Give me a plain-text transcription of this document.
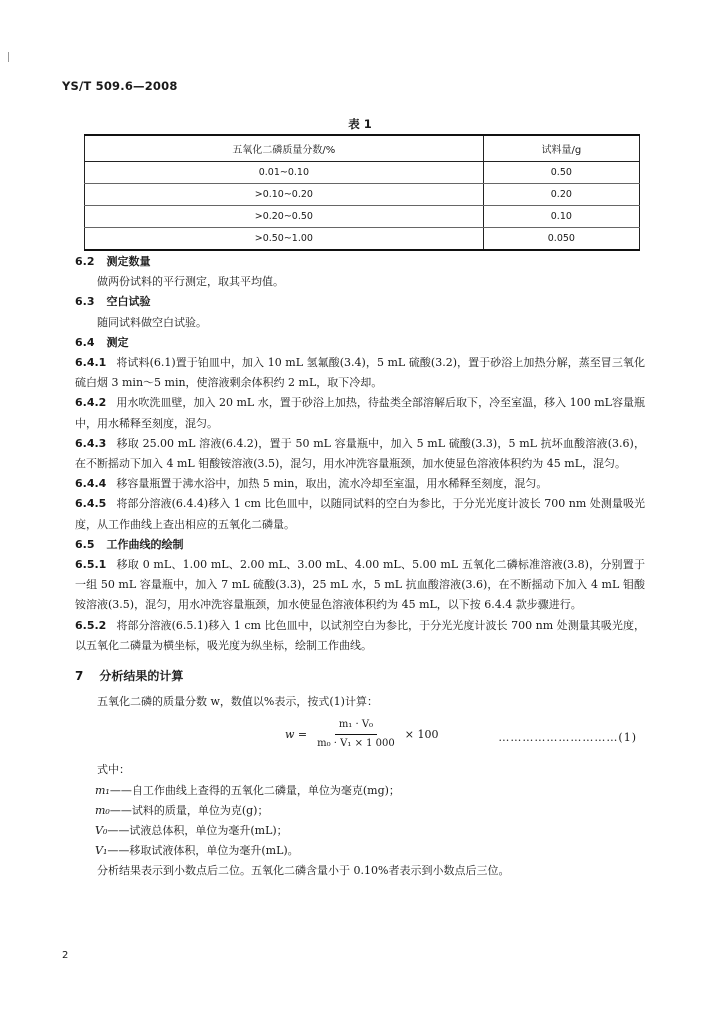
YS/T 509.6—2008
表 1
五氧化二磷质量分数/%	试料量/g
0.01~0.10	0.50
>0.10~0.20	0.20
>0.20~0.50	0.10
>0.50~1.00	0.050

6.2 测定数量

做两份试料的平行测定，取其平均值。

6.3 空白试验

随同试料做空白试验。

6.4 测定

6.4.1 将试料(6.1)置于铂皿中，加入 10 mL 氢氟酸(3.4)，5 mL 硫酸(3.2)，置于砂浴上加热分解，蒸至冒三氧化硫白烟 3 min～5 min，使溶液剩余体积约 2 mL，取下冷却。

6.4.2 用水吹洗皿壁，加入 20 mL 水，置于砂浴上加热，待盐类全部溶解后取下，冷至室温，移入 100 mL容量瓶中，用水稀释至刻度，混匀。

6.4.3 移取 25.00 mL 溶液(6.4.2)，置于 50 mL 容量瓶中，加入 5 mL 硫酸(3.3)，5 mL 抗坏血酸溶液(3.6)，在不断摇动下加入 4 mL 钼酸铵溶液(3.5)，混匀，用水冲洗容量瓶颈，加水使显色溶液体积约为 45 mL，混匀。

6.4.4 移容量瓶置于沸水浴中，加热 5 min，取出，流水冷却至室温，用水稀释至刻度，混匀。

6.4.5 将部分溶液(6.4.4)移入 1 cm 比色皿中，以随同试料的空白为参比，于分光光度计波长 700 nm 处测量吸光度，从工作曲线上查出相应的五氧化二磷量。

6.5 工作曲线的绘制

6.5.1 移取 0 mL、1.00 mL、2.00 mL、3.00 mL、4.00 mL、5.00 mL 五氧化二磷标准溶液(3.8)，分别置于一组 50 mL 容量瓶中，加入 7 mL 硫酸(3.3)，25 mL 水，5 mL 抗血酸溶液(3.6)，在不断摇动下加入 4 mL 钼酸铵溶液(3.5)，混匀，用水冲洗容量瓶颈，加水使显色溶液体积约为 45 mL，以下按 6.4.4 款步骤进行。

6.5.2 将部分溶液(6.5.1)移入 1 cm 比色皿中，以试剂空白为参比，于分光光度计波长 700 nm 处测量其吸光度，以五氧化二磷量为横坐标，吸光度为纵坐标，绘制工作曲线。

7 分析结果的计算

五氧化二磷的质量分数 w，数值以%表示，按式(1)计算：

$w = \frac{\text{m₁ · V₀}}{\text{m₀ · V₁ × 1 000}} \times 100$	…………………………(1)

式中：

m₁——自工作曲线上查得的五氧化二磷量，单位为毫克(mg)；

m₀——试料的质量，单位为克(g)；

V₀——试液总体积，单位为毫升(mL)；

V₁——移取试液体积，单位为毫升(mL)。

分析结果表示到小数点后二位。五氧化二磷含量小于 0.10%者表示到小数点后三位。

2
